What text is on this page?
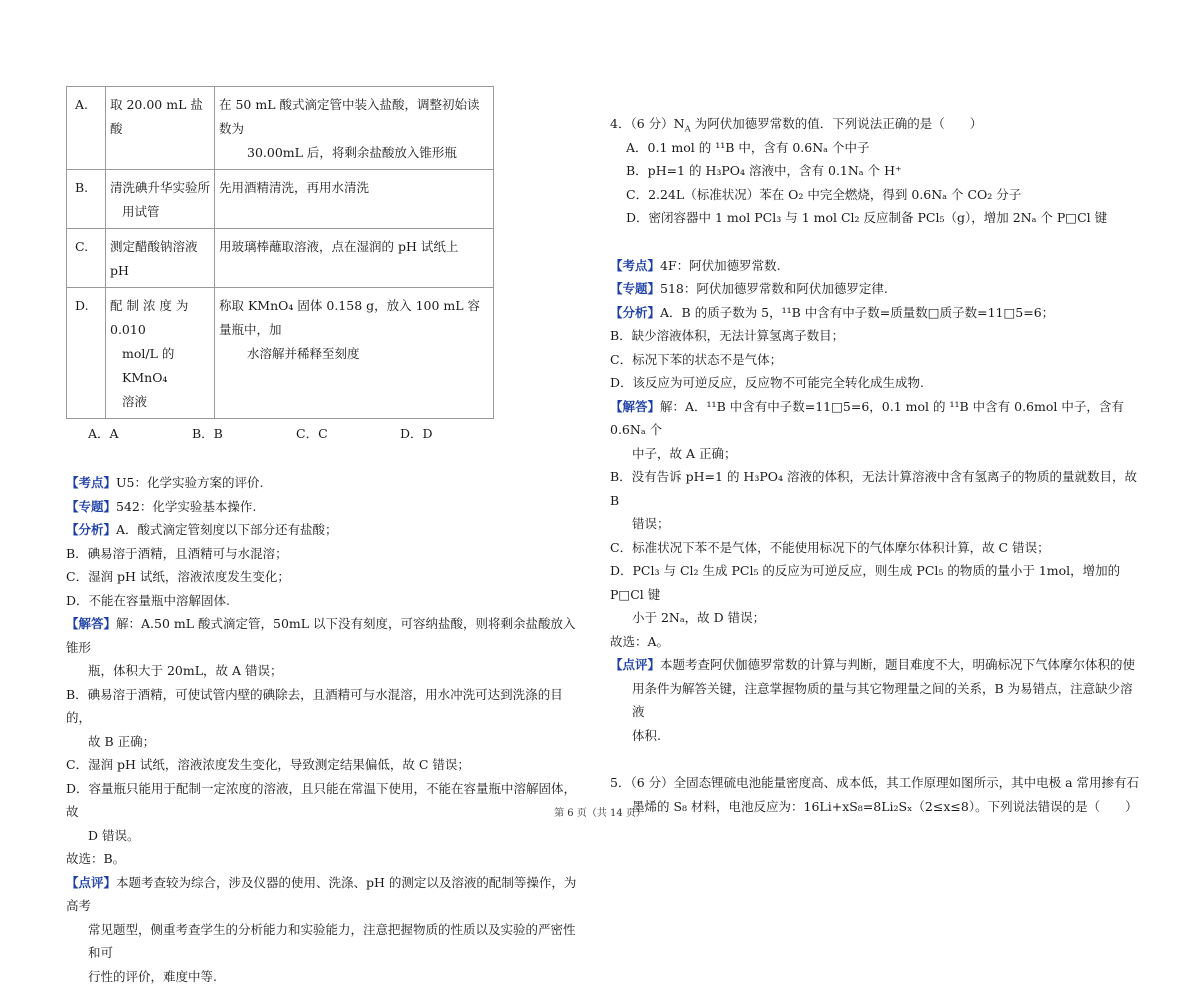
A.	取 20.00 mL 盐酸	在 50 mL 酸式滴定管中装入盐酸，调整初始读数为
30.00mL 后，将剩余盐酸放入锥形瓶

B.	清洗碘升华实验所
用试管	先用酒精清洗，再用水清洗

C.	测定醋酸钠溶液 pH	用玻璃棒蘸取溶液，点在湿润的 pH 试纸上

D.	配 制 浓 度 为 0.010
mol/L 的 KMnO₄
溶液	称取 KMnO₄ 固体 0.158 g，放入 100 mL 容量瓶中，加
水溶解并稀释至刻度
A．A	B．B	C．C	D．D

【考点】U5：化学实验方案的评价.

【专题】542：化学实验基本操作.

【分析】A．酸式滴定管刻度以下部分还有盐酸；

B．碘易溶于酒精，且酒精可与水混溶；

C．湿润 pH 试纸，溶液浓度发生变化；

D．不能在容量瓶中溶解固体.

【解答】解：A.50 mL 酸式滴定管，50mL 以下没有刻度，可容纳盐酸，则将剩余盐酸放入锥形

瓶，体积大于 20mL，故 A 错误；

B．碘易溶于酒精，可使试管内壁的碘除去，且酒精可与水混溶，用水冲洗可达到洗涤的目的，

故 B 正确；

C．湿润 pH 试纸，溶液浓度发生变化，导致测定结果偏低，故 C 错误；

D．容量瓶只能用于配制一定浓度的溶液，且只能在常温下使用，不能在容量瓶中溶解固体，故

D 错误。

故选：B。

【点评】本题考查较为综合，涉及仪器的使用、洗涤、pH 的测定以及溶液的配制等操作，为高考

常见题型，侧重考查学生的分析能力和实验能力，注意把握物质的性质以及实验的严密性和可

行性的评价，难度中等.

4．（6 分）$N_A$ 为阿伏加德罗常数的值．下列说法正确的是（　　）

A．0.1 mol 的 ¹¹B 中，含有 0.6Nₐ 个中子

B．pH=1 的 H₃PO₄ 溶液中，含有 0.1Nₐ 个 H⁺

C．2.24L（标准状况）苯在 O₂ 中完全燃烧，得到 0.6Nₐ 个 CO₂ 分子

D．密闭容器中 1 mol PCl₃ 与 1 mol Cl₂ 反应制备 PCl₅（g），增加 2Nₐ 个 P□Cl 键

【考点】4F：阿伏加德罗常数.

【专题】518：阿伏加德罗常数和阿伏加德罗定律.

【分析】A．B 的质子数为 5，¹¹B 中含有中子数=质量数□质子数=11□5=6；

B．缺少溶液体积，无法计算氢离子数目；

C．标况下苯的状态不是气体；

D．该反应为可逆反应，反应物不可能完全转化成生成物.

【解答】解：A．¹¹B 中含有中子数=11□5=6，0.1 mol 的 ¹¹B 中含有 0.6mol 中子，含有 0.6Nₐ 个

中子，故 A 正确；

B．没有告诉 pH=1 的 H₃PO₄ 溶液的体积，无法计算溶液中含有氢离子的物质的量就数目，故 B

错误；

C．标准状况下苯不是气体，不能使用标况下的气体摩尔体积计算，故 C 错误；

D．PCl₃ 与 Cl₂ 生成 PCl₅ 的反应为可逆反应，则生成 PCl₅ 的物质的量小于 1mol，增加的 P□Cl 键

小于 2Nₐ，故 D 错误；

故选：A。

【点评】本题考查阿伏伽德罗常数的计算与判断，题目难度不大，明确标况下气体摩尔体积的使

用条件为解答关键，注意掌握物质的量与其它物理量之间的关系，B 为易错点，注意缺少溶液

体积.

5．（6 分）全固态锂硫电池能量密度高、成本低，其工作原理如图所示，其中电极 a 常用掺有石

墨烯的 S₈ 材料，电池反应为：16Li+xS₈=8Li₂Sₓ（2≤x≤8）。下列说法错误的是（　　）

第 6 页（共 14 页）
